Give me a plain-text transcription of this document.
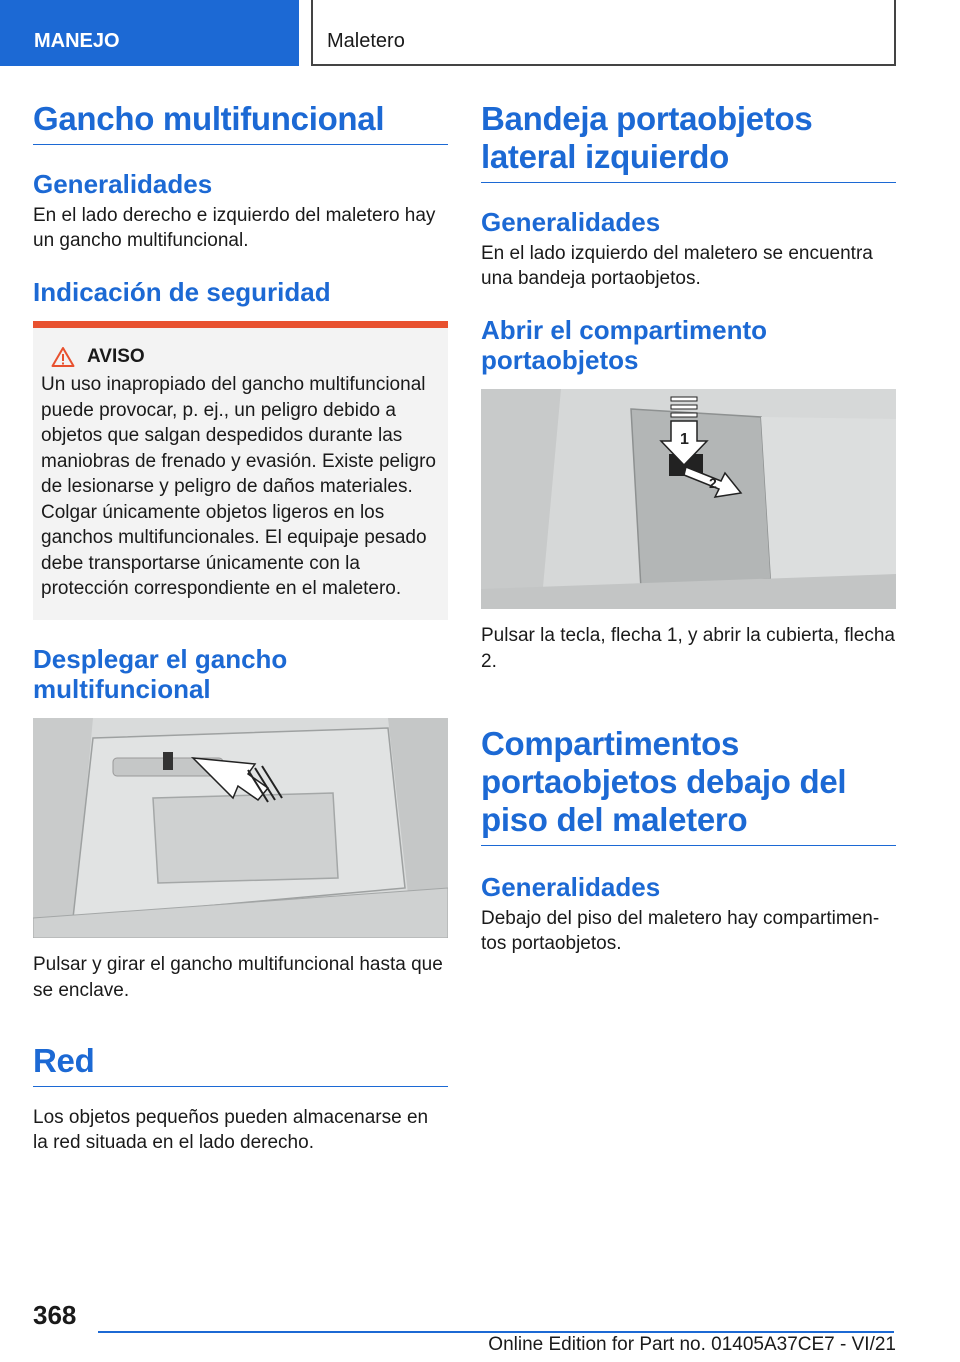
MANEJO	Maletero
Gancho multifuncional
Generalidades

En el lado derecho e izquierdo del maletero hay un gancho multifuncional.

Indicación de seguridad
AVISO

Un uso inapropiado del gancho multifuncional puede provocar, p. ej., un peligro debido a objetos que salgan despedidos durante las maniobras de frenado y evasión. Existe peligro de lesionarse y peligro de daños materiales. Colgar únicamente objetos ligeros en los ganchos multifuncionales. El equipaje pesado debe transportarse únicamente con la protección correspondiente en el maletero.

Desplegar el gancho multifuncional

Pulsar y girar el gancho multifuncional hasta que se enclave.

Red

Los objetos pequeños pueden almacenarse en la red situada en el lado derecho.

Bandeja portaobjetos lateral izquierdo
Generalidades

En el lado izquierdo del maletero se encuentra una bandeja portaobjetos.

Abrir el compartimento portaobjetos
1
2

Pulsar la tecla, flecha 1, y abrir la cubierta, flecha 2.

Compartimentos portaobjetos debajo del piso del maletero
Generalidades

Debajo del piso del maletero hay compartimentos portaobjetos.

368
Online Edition for Part no. 01405A37CE7 - VI/21
